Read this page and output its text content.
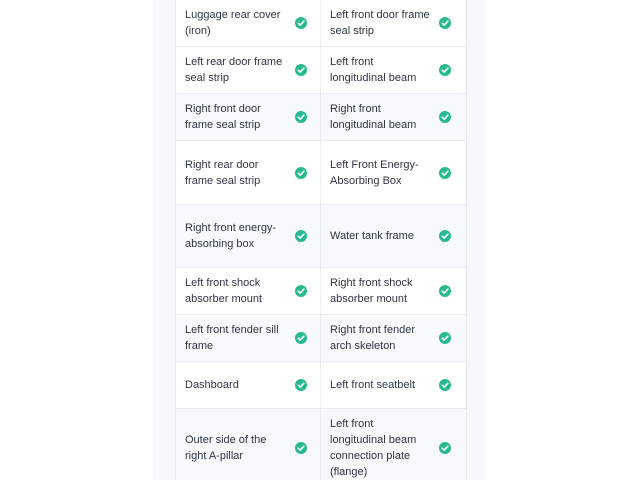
Luggage rear cover (iron)
Left front door frame seal strip
Left rear door frame seal strip
Left front longitudinal beam
Right front door frame seal strip
Right front longitudinal beam
Right rear door frame seal strip
Left Front Energy-Absorbing Box
Right front energy-absorbing box
Water tank frame
Left front shock absorber mount
Right front shock absorber mount
Left front fender sill frame
Right front fender arch skeleton
Dashboard	Left front seatbelt
Outer side of the right A-pillar
Left front longitudinal beam connection plate (flange)
